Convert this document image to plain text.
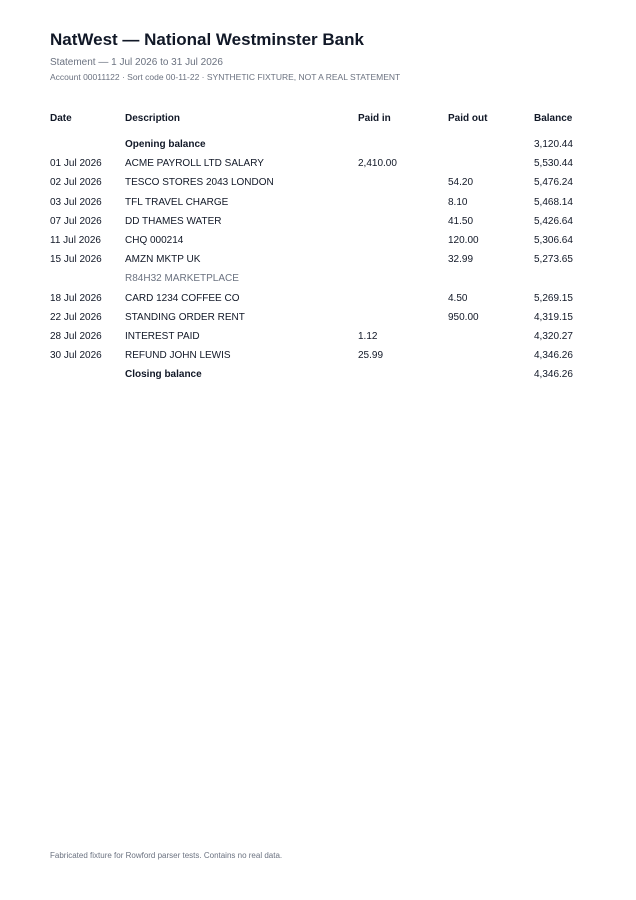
NatWest — National Westminster Bank
Statement — 1 Jul 2026 to 31 Jul 2026
Account 00011122 · Sort code 00-11-22 · SYNTHETIC FIXTURE, NOT A REAL STATEMENT
Date	Description	Paid in	Paid out	Balance
	Opening balance			3,120.44
01 Jul 2026	ACME PAYROLL LTD SALARY	2,410.00		5,530.44
02 Jul 2026	TESCO STORES 2043 LONDON		54.20	5,476.24
03 Jul 2026	TFL TRAVEL CHARGE		8.10	5,468.14
07 Jul 2026	DD THAMES WATER		41.50	5,426.64
11 Jul 2026	CHQ 000214		120.00	5,306.64
15 Jul 2026	AMZN MKTP UK		32.99	5,273.65
	R84H32 MARKETPLACE			
18 Jul 2026	CARD 1234 COFFEE CO		4.50	5,269.15
22 Jul 2026	STANDING ORDER RENT		950.00	4,319.15
28 Jul 2026	INTEREST PAID	1.12		4,320.27
30 Jul 2026	REFUND JOHN LEWIS	25.99		4,346.26
	Closing balance			4,346.26
Fabricated fixture for Rowford parser tests. Contains no real data.
